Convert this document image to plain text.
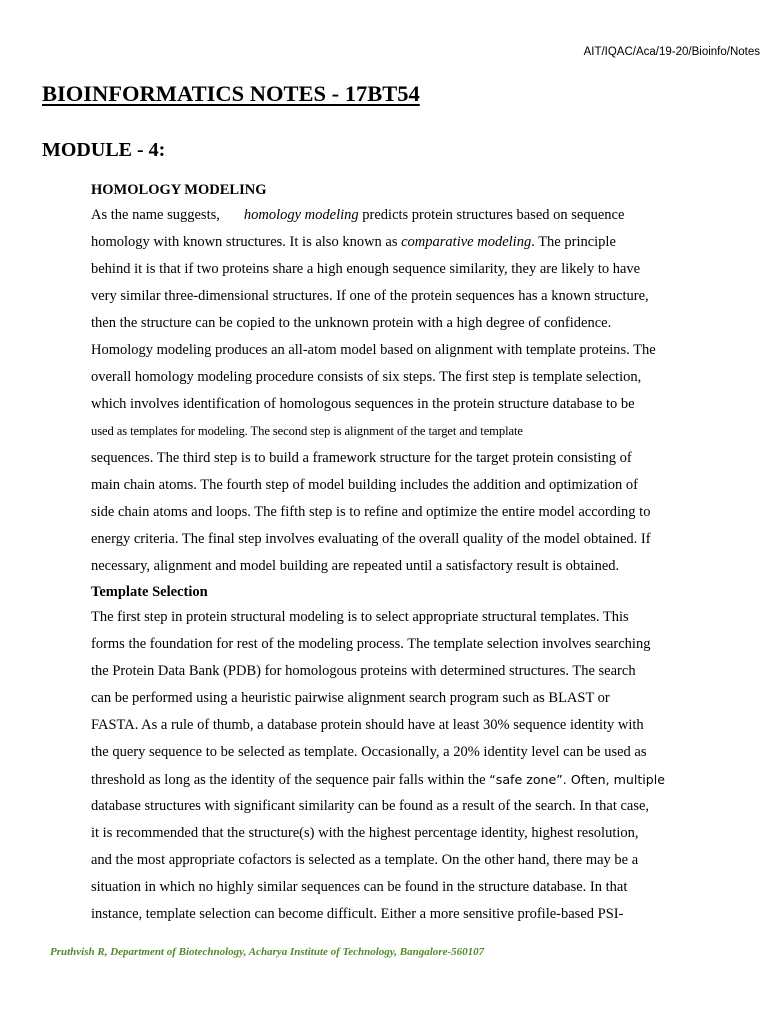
AIT/IQAC/Aca/19-20/Bioinfo/Notes
BIOINFORMATICS NOTES - 17BT54
MODULE - 4:
HOMOLOGY MODELING
As the name suggests, homology modeling predicts protein structures based on sequence
homology with known structures. It is also known as comparative modeling. The principle
behind it is that if two proteins share a high enough sequence similarity, they are likely to have
very similar three-dimensional structures. If one of the protein sequences has a known structure,
then the structure can be copied to the unknown protein with a high degree of confidence.
Homology modeling produces an all-atom model based on alignment with template proteins. The
overall homology modeling procedure consists of six steps. The first step is template selection,
which involves identification of homologous sequences in the protein structure database to be
used as templates for modeling. The second step is alignment of the target and template
sequences. The third step is to build a framework structure for the target protein consisting of
main chain atoms. The fourth step of model building includes the addition and optimization of
side chain atoms and loops. The fifth step is to refine and optimize the entire model according to
energy criteria. The final step involves evaluating of the overall quality of the model obtained. If
necessary, alignment and model building are repeated until a satisfactory result is obtained.
Template Selection
The first step in protein structural modeling is to select appropriate structural templates. This
forms the foundation for rest of the modeling process. The template selection involves searching
the Protein Data Bank (PDB) for homologous proteins with determined structures. The search
can be performed using a heuristic pairwise alignment search program such as BLAST or
FASTA. As a rule of thumb, a database protein should have at least 30% sequence identity with
the query sequence to be selected as template. Occasionally, a 20% identity level can be used as
threshold as long as the identity of the sequence pair falls within the “safe zone”. Often, multiple
database structures with significant similarity can be found as a result of the search. In that case,
it is recommended that the structure(s) with the highest percentage identity, highest resolution,
and the most appropriate cofactors is selected as a template. On the other hand, there may be a
situation in which no highly similar sequences can be found in the structure database. In that
instance, template selection can become difficult. Either a more sensitive profile-based PSI-
Pruthvish R, Department of Biotechnology, Acharya Institute of Technology, Bangalore-560107
